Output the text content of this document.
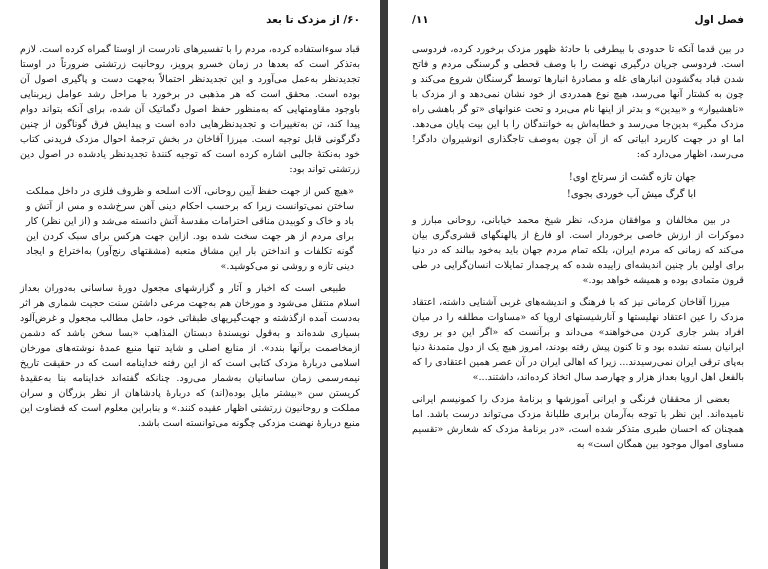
۶۰/ از مزدک تا بعد

قباد سوءاستفاده کرده، مردم را با تفسیرهای نادرست از اوستا گمراه کرده است. لازم به‌تذکر است که بعدها در زمان خسرو پرویز، روحانیت زرتشتی ضرورتاً در اوستا تجدیدنظر به‌عمل می‌آورد و این تجدیدنظر احتمالاً به‌جهت دست و پاگیری اصول آن بوده است. محقق است که هر مذهبی در برخورد با مراحل رشد عوامل زیربنایی باوجود مقاومتهایی که به‌منظور حفظ اصول دگماتیک آن شده، برای آنکه بتواند دوام پیدا کند، تن به‌تغییرات و تجدیدنظرهایی داده است و پیدایش فرق گوناگون از چنین دگرگونی قابل توجیه است. میرزا آقاخان در بخش ترجمهٔ احوال مزدک فریدنی کتاب خود به‌نکتهٔ جالبی اشاره کرده است که توجیه کنندهٔ تجدیدنظر یادشده در اصول دین زرتشتی تواند بود:

«هیچ کس از جهت حفظ آیین روحانی، آلات اسلحه و ظروف فلزی در داخل مملکت ساختن نمی‌توانست زیرا که برحسب احکام دینی آهن سرخ‌شده و مس از آتش و باد و خاک و کوبیدن مناقی احترامات مقدسهٔ آتش دانسته می‌شد و (از این نظر) کار برای مردم از هر جهت سخت شده بود. ازاین جهت هرکس برای سبک کردن این گونه تکلفات و انداختن بار این مشاق متعبه (مشقتهای رنج‌آور) به‌اختراع و ایجاد دینی تازه و روشی نو می‌کوشید.»

طبیعی است که اخبار و آثار و گزارشهای مجعول دورهٔ ساسانی به‌دوران بعداز اسلام منتقل می‌شود و مورخان هم به‌جهت مرعی داشتن سنت حجیت شماری هر اثر به‌دست آمده ازگذشته و جهت‌گیریهای طبقاتی خود، حامل مطالب مجعول و غرض‌آلود بسیاری شده‌اند و به‌قول نویسندهٔ دبستان المذاهب «بسا سخن باشد که دشمن ازمخاصمت برآنها بندد». از منابع اصلی و شاید تنها منبع عمدهٔ نوشته‌های مورخان اسلامی دربارهٔ مزدک کتابی است که از این رفته خداینامه است که در حقیقت تاریخ نیمه‌رسمی زمان ساسانیان به‌شمار می‌رود. چنانکه گفته‌اند خداینامه بنا به‌عقیدهٔ کریستن سن «بیشتر مایل بوده(اند) که دربارهٔ پادشاهان از نظر بزرگان و سران مملکت و روحانیون زرتشتی اظهار عقیده کنند.» و بنابراین معلوم است که قضاوت این منبع دربارهٔ نهضت مزدکی چگونه می‌توانسته است باشد.

فصل اول
۱۱/

در بین قدما آنکه تا حدودی با بیطرفی با حادثهٔ ظهور مزدک برخورد کرده، فردوسی است. فردوسی جریان درگیری نهضت را با وصف قحطی و گرسنگی مردم و فاتح شدن قباد به‌گشودن انبارهای غله و مصادرهٔ انبارها توسط گرسنگان شروع می‌کند و چون به کشتار آنها می‌رسد، هیچ نوع همدردی از خود نشان نمی‌دهد و از مزدک با «ناهشیوار» و «بیدین» و بدتر از اینها نام می‌برد و تحت عنوانهای «تو گر باهشی راه مزدک مگیر» بدین‌جا می‌رسد و خطابه‌اش به خوانندگان را با این بیت پایان می‌دهد. اما او در جهت کاربرد ابیاتی که از آن چون به‌وصف تاجگذاری انوشیروان دادگر! می‌رسد، اظهار می‌دارد که:

جهان تازه گشت از سرتاج اوی!
ابا گرگ میش آب خوردی بجوی!

در بین مخالفان و موافقان مزدک، نظر شیخ محمد خیابانی، روحانی مبارز و دموکرات از ارزش خاصی برخوردار است. او فارغ از پالهنگهای قشری‌گری بیان می‌کند که زمانی که مردم ایران، بلکه تمام مردم جهان باید به‌خود ببالند که در دنیا برای اولین بار چنین اندیشه‌ای زاییده شده که پرچمدار تمایلات انسان‌گرایی در طی قرون متمادی بوده و همیشه خواهد بود.»

میرزا آقاخان کرمانی نیز که با فرهنگ و اندیشه‌های غربی آشنایی داشته، اعتقاد مزدک را عین اعتقاد نهلیستها و آنارشیستهای اروپا که «مساوات مطلقه را در میان افراد بشر جاری کردن می‌خواهند» می‌داند و برآنست که «اگر این دو بر روی ایرانیان بسته نشده بود و تا کنون پیش رفته بودند، امروز هیچ یک از دول متمدنهٔ دنیا به‌پای ترقی ایران نمی‌رسیدند... زیرا که اهالی ایران در آن عصر همین اعتقادی را که بالفعل اهل اروپا بعداز هزار و چهارصد سال اتخاذ کرده‌اند، داشتند...»

بعضی از محققان فرنگی و ایرانی آموزشها و برنامهٔ مزدک را کمونیسم ایرانی نامیده‌اند. این نظر با توجه به‌آرمان برابری طلبانهٔ مزدک می‌تواند درست باشد. اما همچنان که احسان طبری متذکر شده است، «در برنامهٔ مزدک که شعارش «تقسیم مساوی اموال موجود بین همگان است» به
